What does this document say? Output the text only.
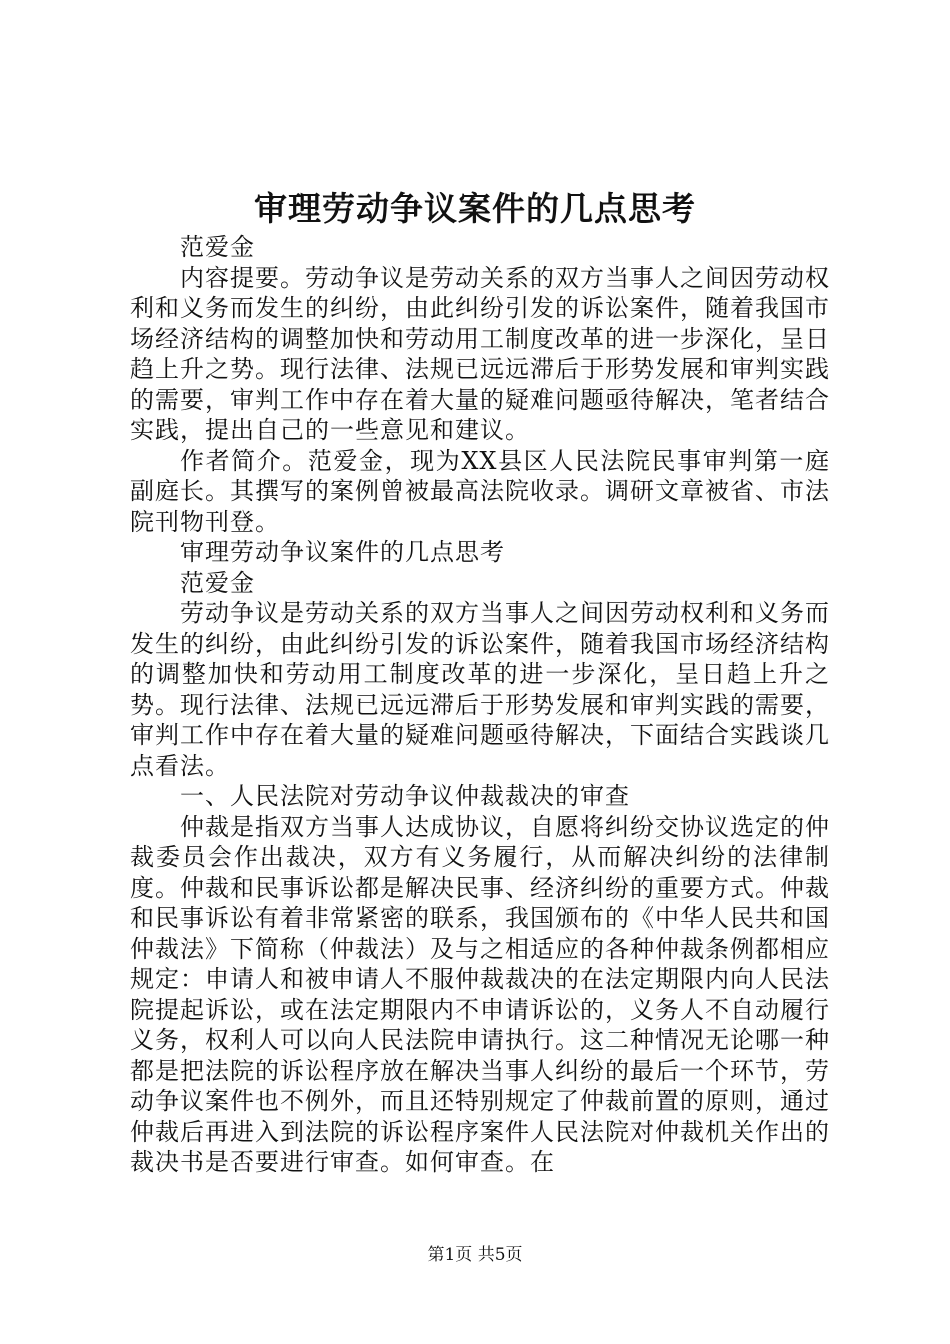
审理劳动争议案件的几点思考

范爱金

内容提要。劳动争议是劳动关系的双方当事人之间因劳动权利和义务而发生的纠纷，由此纠纷引发的诉讼案件，随着我国市场经济结构的调整加快和劳动用工制度改革的进一步深化，呈日趋上升之势。现行法律、法规已远远滞后于形势发展和审判实践的需要，审判工作中存在着大量的疑难问题亟待解决，笔者结合实践，提出自己的一些意见和建议。

作者简介。范爱金，现为XX县区人民法院民事审判第一庭副庭长。其撰写的案例曾被最高法院收录。调研文章被省、市法院刊物刊登。

审理劳动争议案件的几点思考

范爱金

劳动争议是劳动关系的双方当事人之间因劳动权利和义务而发生的纠纷，由此纠纷引发的诉讼案件，随着我国市场经济结构的调整加快和劳动用工制度改革的进一步深化，呈日趋上升之势。现行法律、法规已远远滞后于形势发展和审判实践的需要，审判工作中存在着大量的疑难问题亟待解决，下面结合实践谈几点看法。

一、人民法院对劳动争议仲裁裁决的审查

仲裁是指双方当事人达成协议，自愿将纠纷交协议选定的仲裁委员会作出裁决，双方有义务履行，从而解决纠纷的法律制度。仲裁和民事诉讼都是解决民事、经济纠纷的重要方式。仲裁和民事诉讼有着非常紧密的联系，我国颁布的《中华人民共和国仲裁法》下简称（仲裁法）及与之相适应的各种仲裁条例都相应规定：申请人和被申请人不服仲裁裁决的在法定期限内向人民法院提起诉讼，或在法定期限内不申请诉讼的，义务人不自动履行义务，权利人可以向人民法院申请执行。这二种情况无论哪一种都是把法院的诉讼程序放在解决当事人纠纷的最后一个环节，劳动争议案件也不例外，而且还特别规定了仲裁前置的原则，通过仲裁后再进入到法院的诉讼程序案件人民法院对仲裁机关作出的裁决书是否要进行审查。如何审查。在

第1页 共5页
